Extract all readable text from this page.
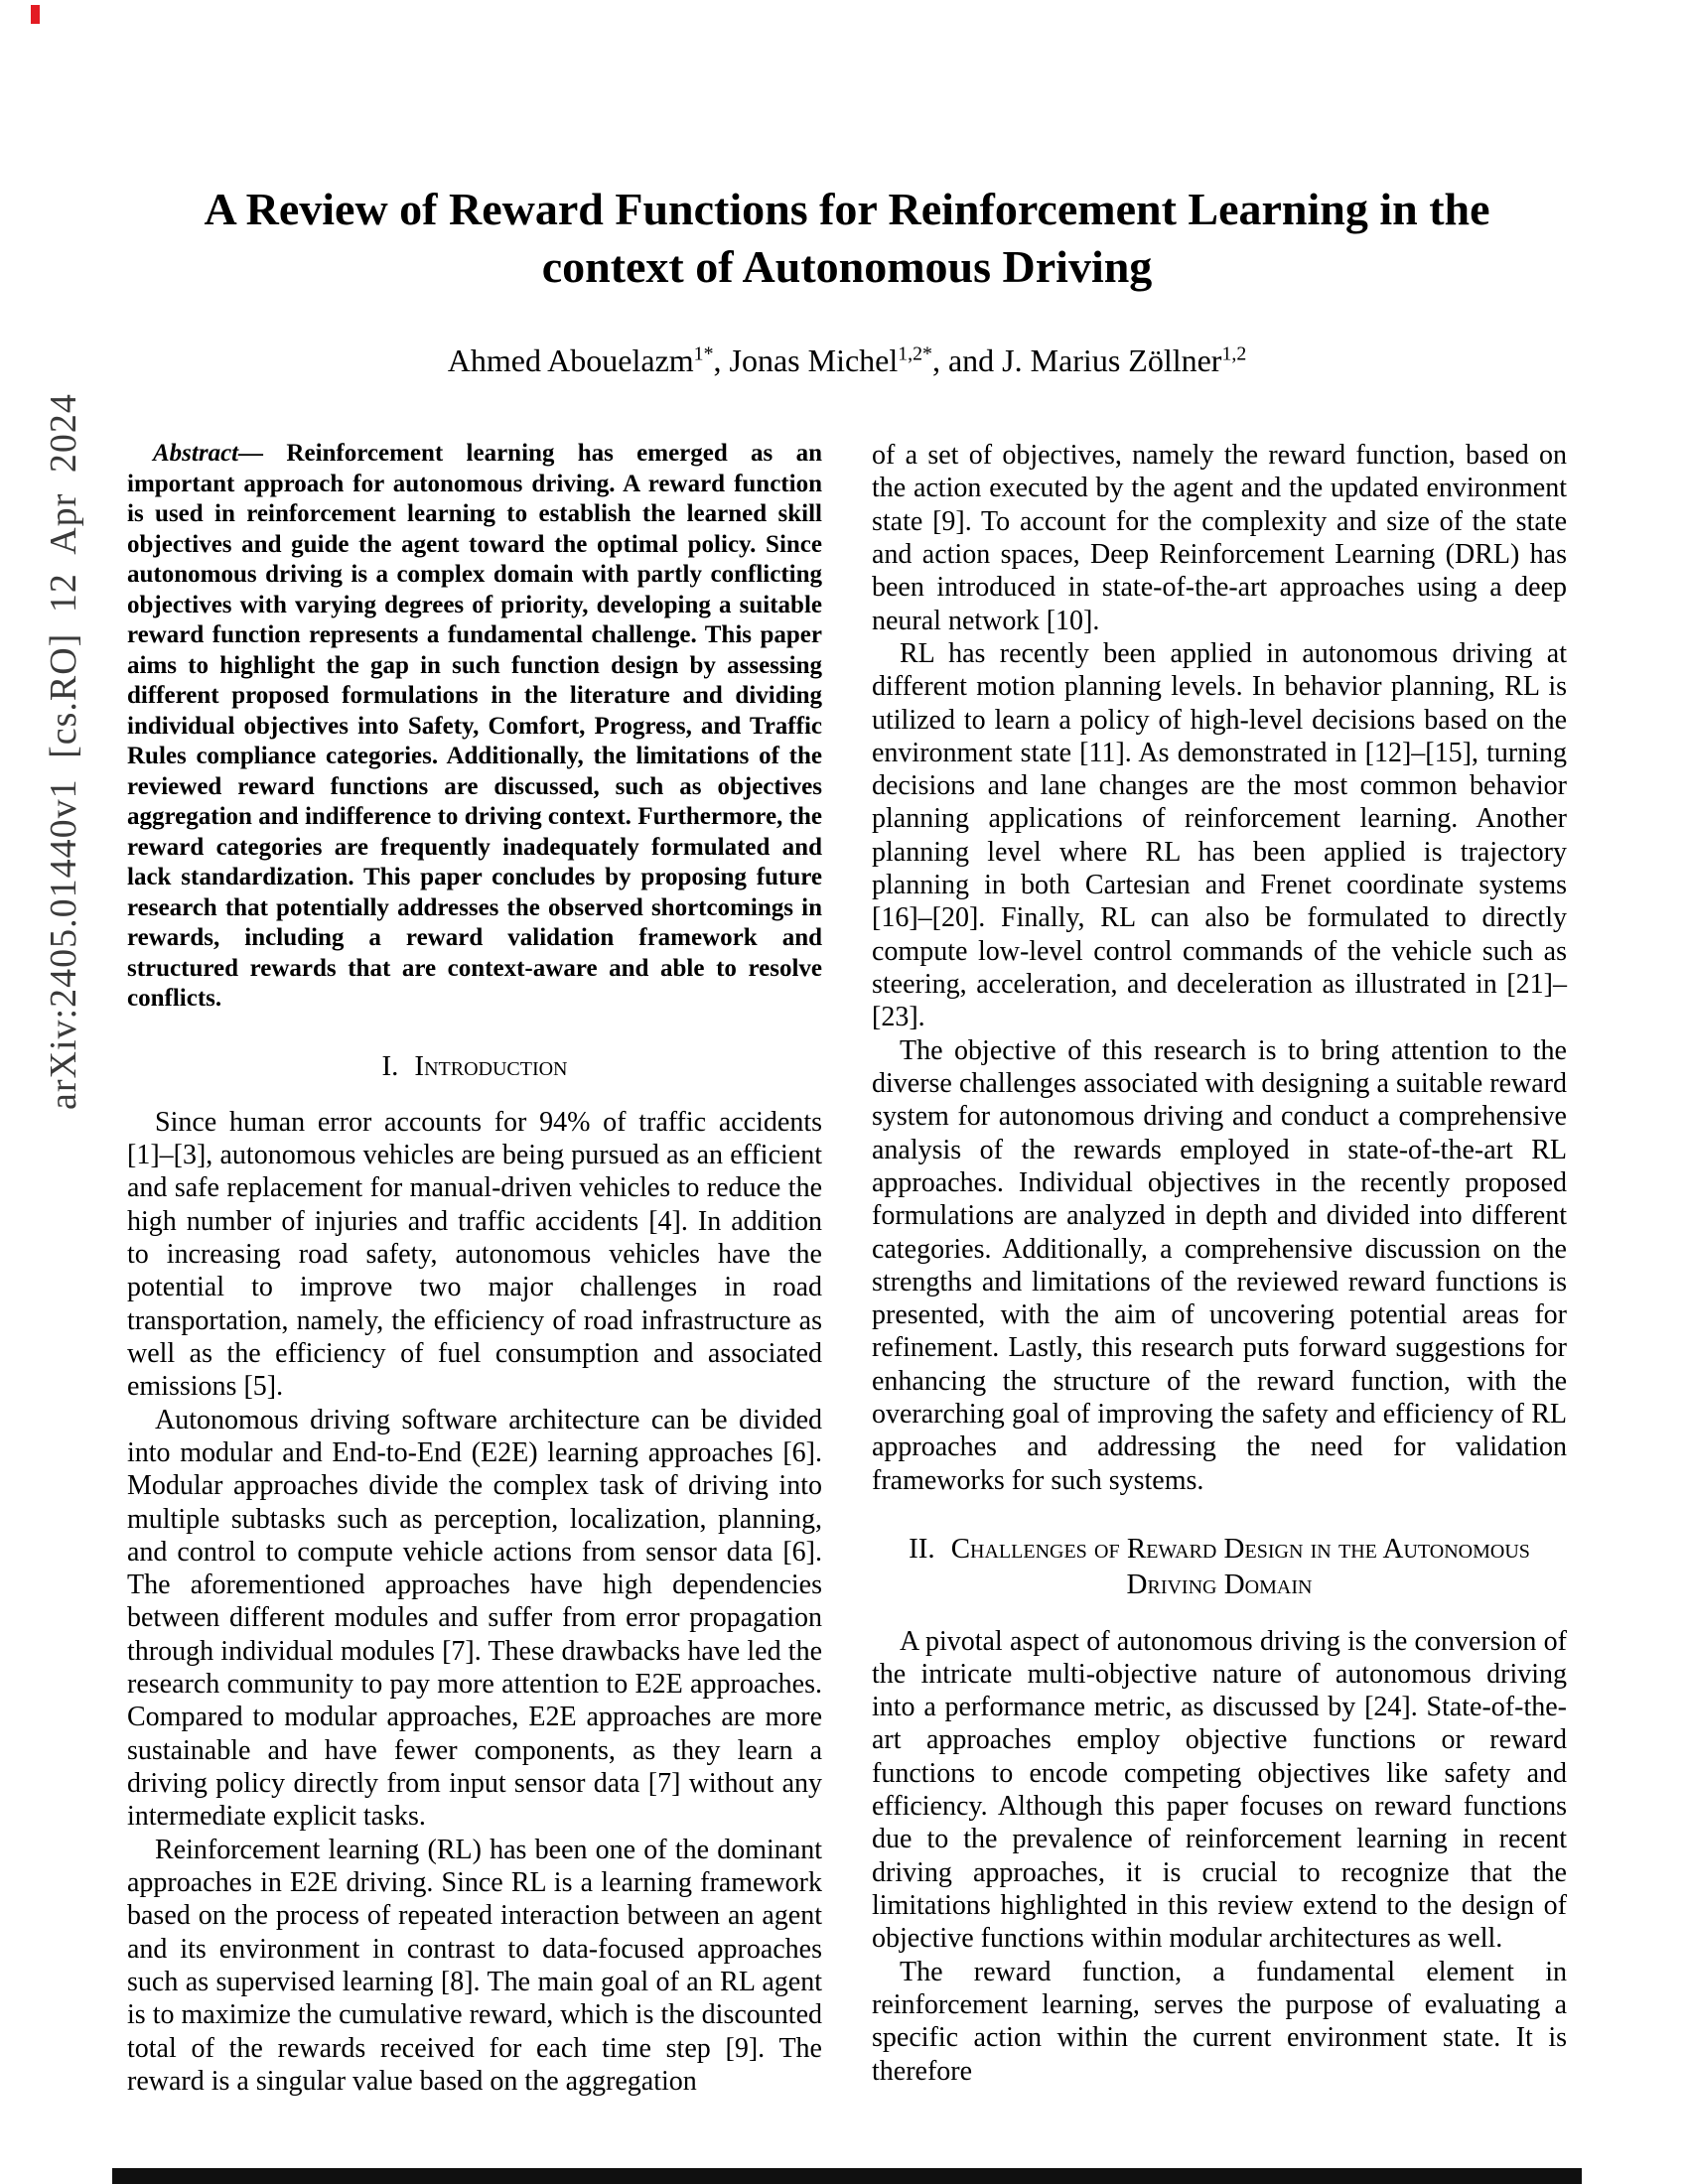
arXiv:2405.01440v1 [cs.RO] 12 Apr 2024
A Review of Reward Functions for Reinforcement Learning in the
context of Autonomous Driving
Ahmed Abouelazm$^{1*}$, Jonas Michel$^{1,2*}$, and J. Marius Zöllner$^{1,2}$

Abstract— Reinforcement learning has emerged as an important approach for autonomous driving. A reward function is used in reinforcement learning to establish the learned skill objectives and guide the agent toward the optimal policy. Since autonomous driving is a complex domain with partly conflicting objectives with varying degrees of priority, developing a suitable reward function represents a fundamental challenge. This paper aims to highlight the gap in such function design by assessing different proposed formulations in the literature and dividing individual objectives into Safety, Comfort, Progress, and Traffic Rules compliance categories. Additionally, the limitations of the reviewed reward functions are discussed, such as objectives aggregation and indifference to driving context. Furthermore, the reward categories are frequently inadequately formulated and lack standardization. This paper concludes by proposing future research that potentially addresses the observed shortcomings in rewards, including a reward validation framework and structured rewards that are context-aware and able to resolve conflicts.

I. Introduction

Since human error accounts for 94% of traffic accidents [1]–[3], autonomous vehicles are being pursued as an efficient and safe replacement for manual-driven vehicles to reduce the high number of injuries and traffic accidents [4]. In addition to increasing road safety, autonomous vehicles have the potential to improve two major challenges in road transportation, namely, the efficiency of road infrastructure as well as the efficiency of fuel consumption and associated emissions [5].

Autonomous driving software architecture can be divided into modular and End-to-End (E2E) learning approaches [6]. Modular approaches divide the complex task of driving into multiple subtasks such as perception, localization, planning, and control to compute vehicle actions from sensor data [6]. The aforementioned approaches have high dependencies between different modules and suffer from error propagation through individual modules [7]. These drawbacks have led the research community to pay more attention to E2E approaches. Compared to modular approaches, E2E approaches are more sustainable and have fewer components, as they learn a driving policy directly from input sensor data [7] without any intermediate explicit tasks.

Reinforcement learning (RL) has been one of the dominant approaches in E2E driving. Since RL is a learning framework based on the process of repeated interaction between an agent and its environment in contrast to data-focused approaches such as supervised learning [8]. The main goal of an RL agent is to maximize the cumulative reward, which is the discounted total of the rewards received for each time step [9]. The reward is a singular value based on the aggregation

of a set of objectives, namely the reward function, based on the action executed by the agent and the updated environment state [9]. To account for the complexity and size of the state and action spaces, Deep Reinforcement Learning (DRL) has been introduced in state-of-the-art approaches using a deep neural network [10].

RL has recently been applied in autonomous driving at different motion planning levels. In behavior planning, RL is utilized to learn a policy of high-level decisions based on the environment state [11]. As demonstrated in [12]–[15], turning decisions and lane changes are the most common behavior planning applications of reinforcement learning. Another planning level where RL has been applied is trajectory planning in both Cartesian and Frenet coordinate systems [16]–[20]. Finally, RL can also be formulated to directly compute low-level control commands of the vehicle such as steering, acceleration, and deceleration as illustrated in [21]–[23].

The objective of this research is to bring attention to the diverse challenges associated with designing a suitable reward system for autonomous driving and conduct a comprehensive analysis of the rewards employed in state-of-the-art RL approaches. Individual objectives in the recently proposed formulations are analyzed in depth and divided into different categories. Additionally, a comprehensive discussion on the strengths and limitations of the reviewed reward functions is presented, with the aim of uncovering potential areas for refinement. Lastly, this research puts forward suggestions for enhancing the structure of the reward function, with the overarching goal of improving the safety and efficiency of RL approaches and addressing the need for validation frameworks for such systems.

II. Challenges of Reward Design in the Autonomous Driving Domain

A pivotal aspect of autonomous driving is the conversion of the intricate multi-objective nature of autonomous driving into a performance metric, as discussed by [24]. State-of-the-art approaches employ objective functions or reward functions to encode competing objectives like safety and efficiency. Although this paper focuses on reward functions due to the prevalence of reinforcement learning in recent driving approaches, it is crucial to recognize that the limitations highlighted in this review extend to the design of objective functions within modular architectures as well.

The reward function, a fundamental element in reinforcement learning, serves the purpose of evaluating a specific action within the current environment state. It is therefore
